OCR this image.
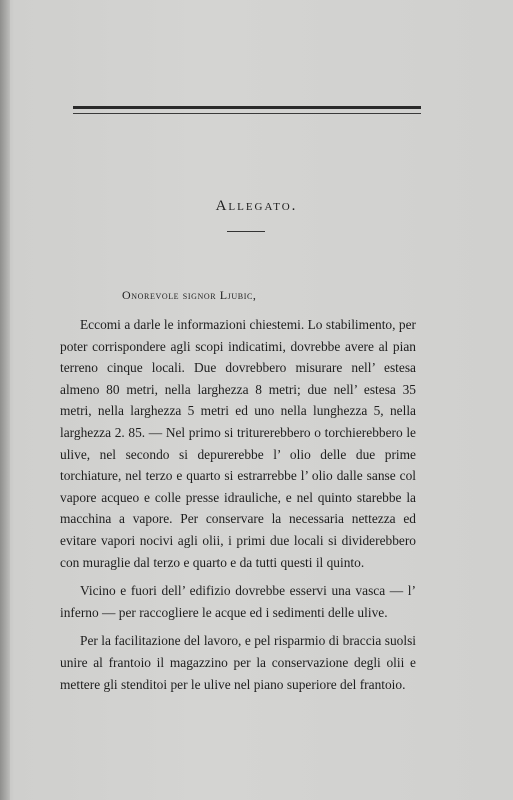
Allegato.
Onorevole signor Ljubic,

Eccomi a darle le informazioni chiestemi. Lo stabilimento, per poter corrispondere agli scopi indicatimi, dovrebbe avere al pian terreno cinque locali. Due dovrebbero misurare nell’ estesa almeno 80 metri, nella larghezza 8 metri; due nell’ estesa 35 metri, nella larghezza 5 metri ed uno nella lunghezza 5, nella larghezza 2. 85. — Nel primo si triturerebbero o torchierebbero le ulive, nel secondo si depurerebbe l’ olio delle due prime torchiature, nel terzo e quarto si estrarrebbe l’ olio dalle sanse col vapore acqueo e colle presse idrauliche, e nel quinto starebbe la macchina a vapore. Per conservare la necessaria nettezza ed evitare vapori nocivi agli olii, i primi due locali si dividerebbero con muraglie dal terzo e quarto e da tutti questi il quinto.

Vicino e fuori dell’ edifizio dovrebbe esservi una vasca — l’ inferno — per raccogliere le acque ed i sedimenti delle ulive.

Per la facilitazione del lavoro, e pel risparmio di braccia suolsi unire al frantoio il magazzino per la conservazione degli olii e mettere gli stenditoi per le ulive nel piano superiore del frantoio.
